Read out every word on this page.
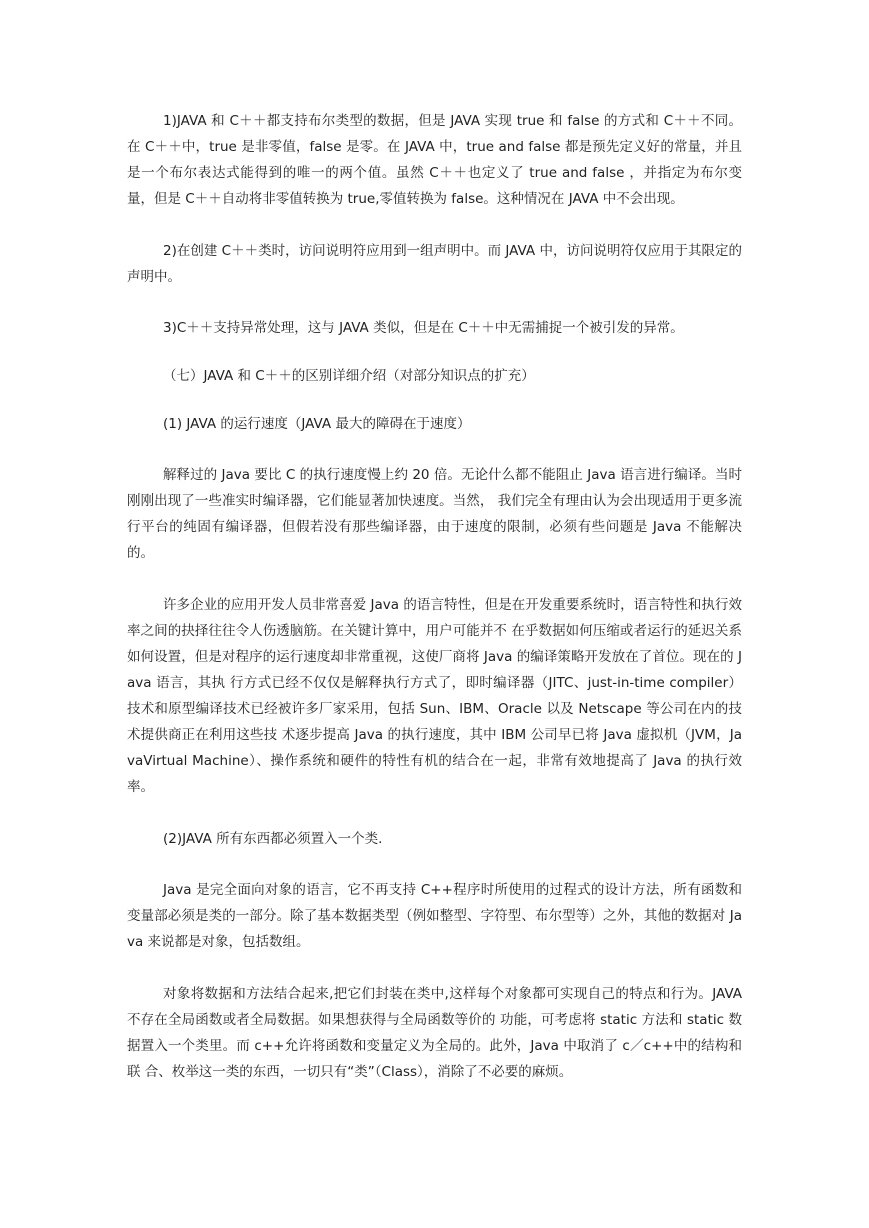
1)JAVA 和 C＋＋都支持布尔类型的数据，但是 JAVA 实现 true 和 false 的方式和 C＋＋不同。在 C＋＋中，true 是非零值，false 是零。在 JAVA 中，true and false 都是预先定义好的常量，并且是一个布尔表达式能得到的唯一的两个值。虽然 C＋＋也定义了 true and false ，并指定为布尔变量，但是 C＋＋自动将非零值转换为 true,零值转换为 false。这种情况在 JAVA 中不会出现。

2)在创建 C＋＋类时，访问说明符应用到一组声明中。而 JAVA 中，访问说明符仅应用于其限定的声明中。

3)C＋＋支持异常处理，这与 JAVA 类似，但是在 C＋＋中无需捕捉一个被引发的异常。

（七）JAVA 和 C＋＋的区别详细介绍（对部分知识点的扩充）

(1) JAVA 的运行速度（JAVA 最大的障碍在于速度）

解释过的 Java 要比 C 的执行速度慢上约 20 倍。无论什么都不能阻止 Java 语言进行编译。当时刚刚出现了一些准实时编译器，它们能显著加快速度。当然， 我们完全有理由认为会出现适用于更多流行平台的纯固有编译器，但假若没有那些编译器，由于速度的限制，必须有些问题是 Java 不能解决的。

许多企业的应用开发人员非常喜爱 Java 的语言特性，但是在开发重要系统时，语言特性和执行效率之间的抉择往往令人伤透脑筋。在关键计算中，用户可能并不 在乎数据如何压缩或者运行的延迟关系如何设置，但是对程序的运行速度却非常重视，这使厂商将 Java 的编译策略开发放在了首位。现在的 Java 语言，其执 行方式已经不仅仅是解释执行方式了，即时编译器（JITC、just-in-time compiler）技术和原型编译技术已经被许多厂家采用，包括 Sun、IBM、Oracle 以及 Netscape 等公司在内的技术提供商正在利用这些技 术逐步提高 Java 的执行速度，其中 IBM 公司早已将 Java 虚拟机（JVM，JavaVirtual Machine）、操作系统和硬件的特性有机的结合在一起，非常有效地提高了 Java 的执行效率。

(2)JAVA 所有东西都必须置入一个类.

Java 是完全面向对象的语言，它不再支持 C++程序时所使用的过程式的设计方法，所有函数和变量部必须是类的一部分。除了基本数据类型（例如整型、字符型、布尔型等）之外，其他的数据对 Java 来说都是对象，包括数组。

对象将数据和方法结合起来,把它们封装在类中,这样每个对象都可实现自己的特点和行为。JAVA 不存在全局函数或者全局数据。如果想获得与全局函数等价的 功能，可考虑将 static 方法和 static 数据置入一个类里。而 c++允许将函数和变量定义为全局的。此外，Java 中取消了 c／c++中的结构和联 合、枚举这一类的东西，一切只有“类”（Class），消除了不必要的麻烦。
